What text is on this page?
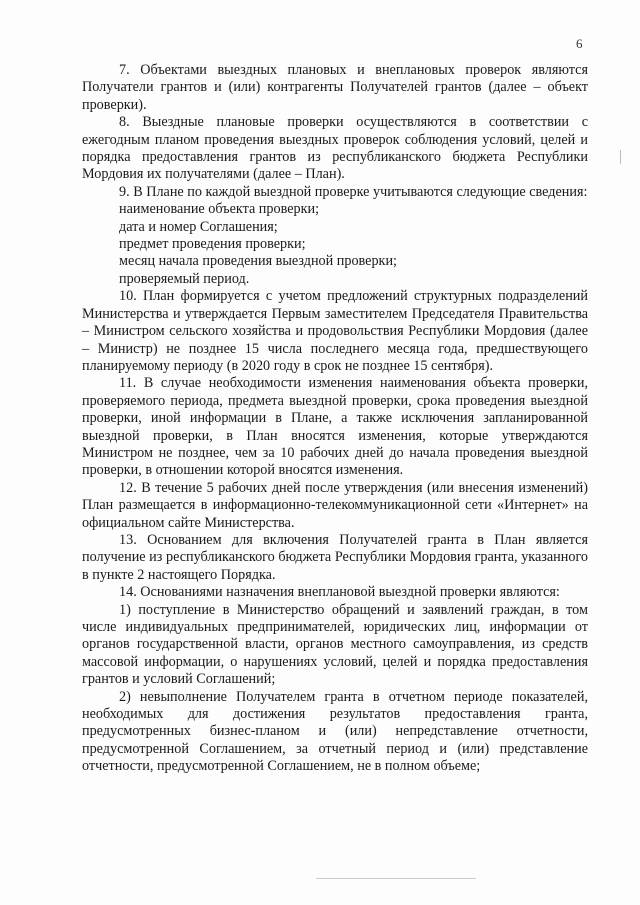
6

7. Объектами выездных плановых и внеплановых проверок являются Получатели грантов и (или) контрагенты Получателей грантов (далее – объект проверки).

8. Выездные плановые проверки осуществляются в соответствии с ежегодным планом проведения выездных проверок соблюдения условий, целей и порядка предоставления грантов из республиканского бюджета Республики Мордовия их получателями (далее – План).

9. В Плане по каждой выездной проверке учитываются следующие сведения:

наименование объекта проверки;

дата и номер Соглашения;

предмет проведения проверки;

месяц начала проведения выездной проверки;

проверяемый период.

10. План формируется с учетом предложений структурных подразделений Министерства и утверждается Первым заместителем Председателя Правительства – Министром сельского хозяйства и продовольствия Республики Мордовия (далее – Министр) не позднее 15 числа последнего месяца года, предшествующего планируемому периоду (в 2020 году в срок не позднее 15 сентября).

11. В случае необходимости изменения наименования объекта проверки, проверяемого периода, предмета выездной проверки, срока проведения выездной проверки, иной информации в Плане, а также исключения запланированной выездной проверки, в План вносятся изменения, которые утверждаются Министром не позднее, чем за 10 рабочих дней до начала проведения выездной проверки, в отношении которой вносятся изменения.

12. В течение 5 рабочих дней после утверждения (или внесения изменений) План размещается в информационно-телекоммуникационной сети «Интернет» на официальном сайте Министерства.

13. Основанием для включения Получателей гранта в План является получение из республиканского бюджета Республики Мордовия гранта, указанного в пункте 2 настоящего Порядка.

14. Основаниями назначения внеплановой выездной проверки являются:

1) поступление в Министерство обращений и заявлений граждан, в том числе индивидуальных предпринимателей, юридических лиц, информации от органов государственной власти, органов местного самоуправления, из средств массовой информации, о нарушениях условий, целей и порядка предоставления грантов и условий Соглашений;

2) невыполнение Получателем гранта в отчетном периоде показателей, необходимых для достижения результатов предоставления гранта, предусмотренных бизнес-планом и (или) непредставление отчетности, предусмотренной Соглашением, за отчетный период и (или) представление отчетности, предусмотренной Соглашением, не в полном объеме;
